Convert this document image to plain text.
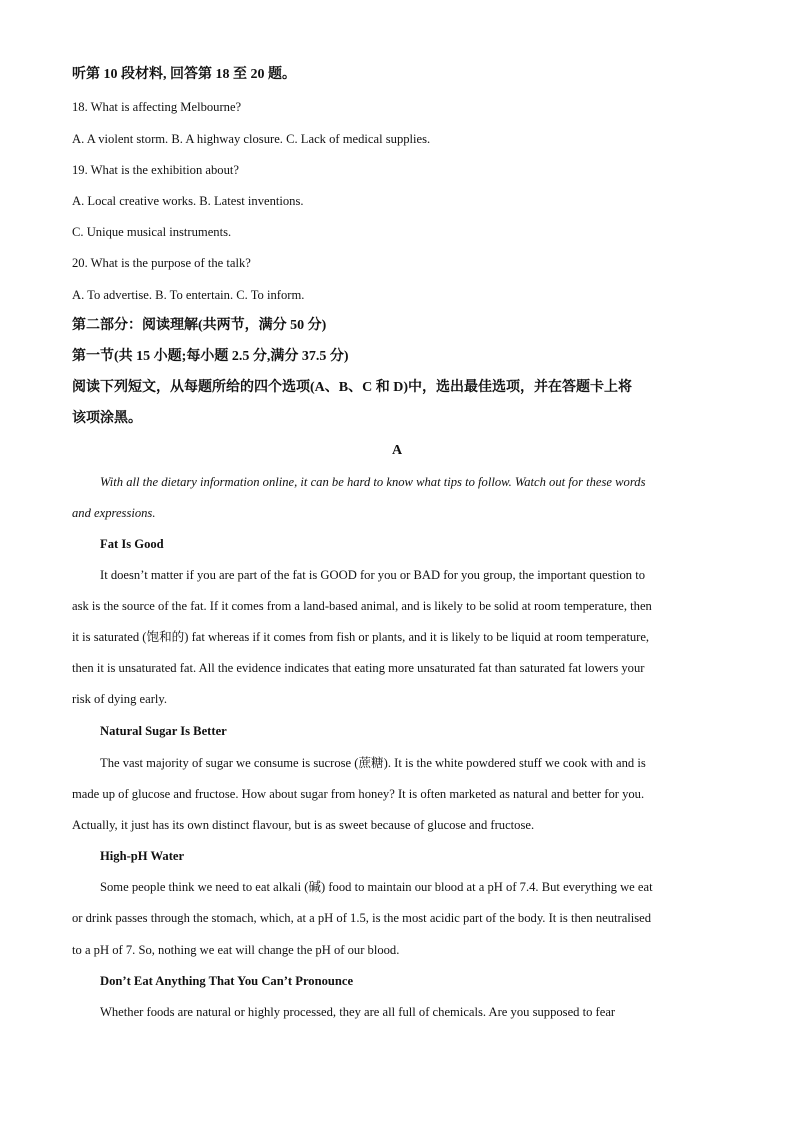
听第 10 段材料, 回答第 18 至 20 题。
18. What is affecting Melbourne?
A. A violent storm. B. A highway closure. C. Lack of medical supplies.
19. What is the exhibition about?
A. Local creative works. B. Latest inventions.
C. Unique musical instruments.
20. What is the purpose of the talk?
A. To advertise. B. To entertain. C. To inform.
第二部分：阅读理解(共两节，满分 50 分)
第一节(共 15 小题;每小题 2.5 分,满分 37.5 分)
阅读下列短文，从每题所给的四个选项(A、B、C 和 D)中，选出最佳选项，并在答题卡上将
该项涂黑。
A
With all the dietary information online, it can be hard to know what tips to follow. Watch out for these words
and expressions.
Fat Is Good
It doesn’t matter if you are part of the fat is GOOD for you or BAD for you group, the important question to
ask is the source of the fat. If it comes from a land-based animal, and is likely to be solid at room temperature, then
it is saturated (饱和的) fat whereas if it comes from fish or plants, and it is likely to be liquid at room temperature,
then it is unsaturated fat. All the evidence indicates that eating more unsaturated fat than saturated fat lowers your
risk of dying early.
Natural Sugar Is Better
The vast majority of sugar we consume is sucrose (蔗糖). It is the white powdered stuff we cook with and is
made up of glucose and fructose. How about sugar from honey? It is often marketed as natural and better for you.
Actually, it just has its own distinct flavour, but is as sweet because of glucose and fructose.
High-pH Water
Some people think we need to eat alkali (碱) food to maintain our blood at a pH of 7.4. But everything we eat
or drink passes through the stomach, which, at a pH of 1.5, is the most acidic part of the body. It is then neutralised
to a pH of 7. So, nothing we eat will change the pH of our blood.
Don’t Eat Anything That You Can’t Pronounce
Whether foods are natural or highly processed, they are all full of chemicals. Are you supposed to fear
